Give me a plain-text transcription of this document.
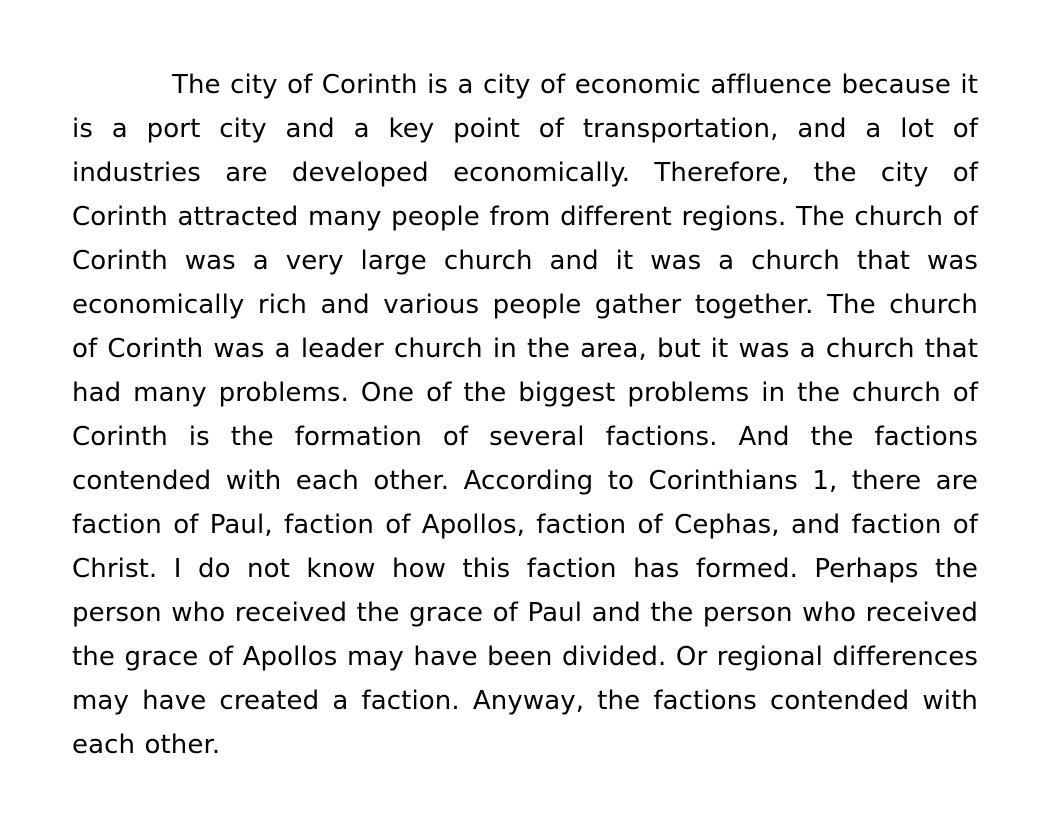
The city of Corinth is a city of economic affluence because it is a port city and a key point of transportation, and a lot of industries are developed economically. Therefore, the city of Corinth attracted many people from different regions. The church of Corinth was a very large church and it was a church that was economically rich and various people gather together. The church of Corinth was a leader church in the area, but it was a church that had many problems. One of the biggest problems in the church of Corinth is the formation of several factions. And the factions contended with each other. According to Corinthians 1, there are faction of Paul, faction of Apollos, faction of Cephas, and faction of Christ. I do not know how this faction has formed. Perhaps the person who received the grace of Paul and the person who received the grace of Apollos may have been divided. Or regional differences may have created a faction. Anyway, the factions contended with each other.
